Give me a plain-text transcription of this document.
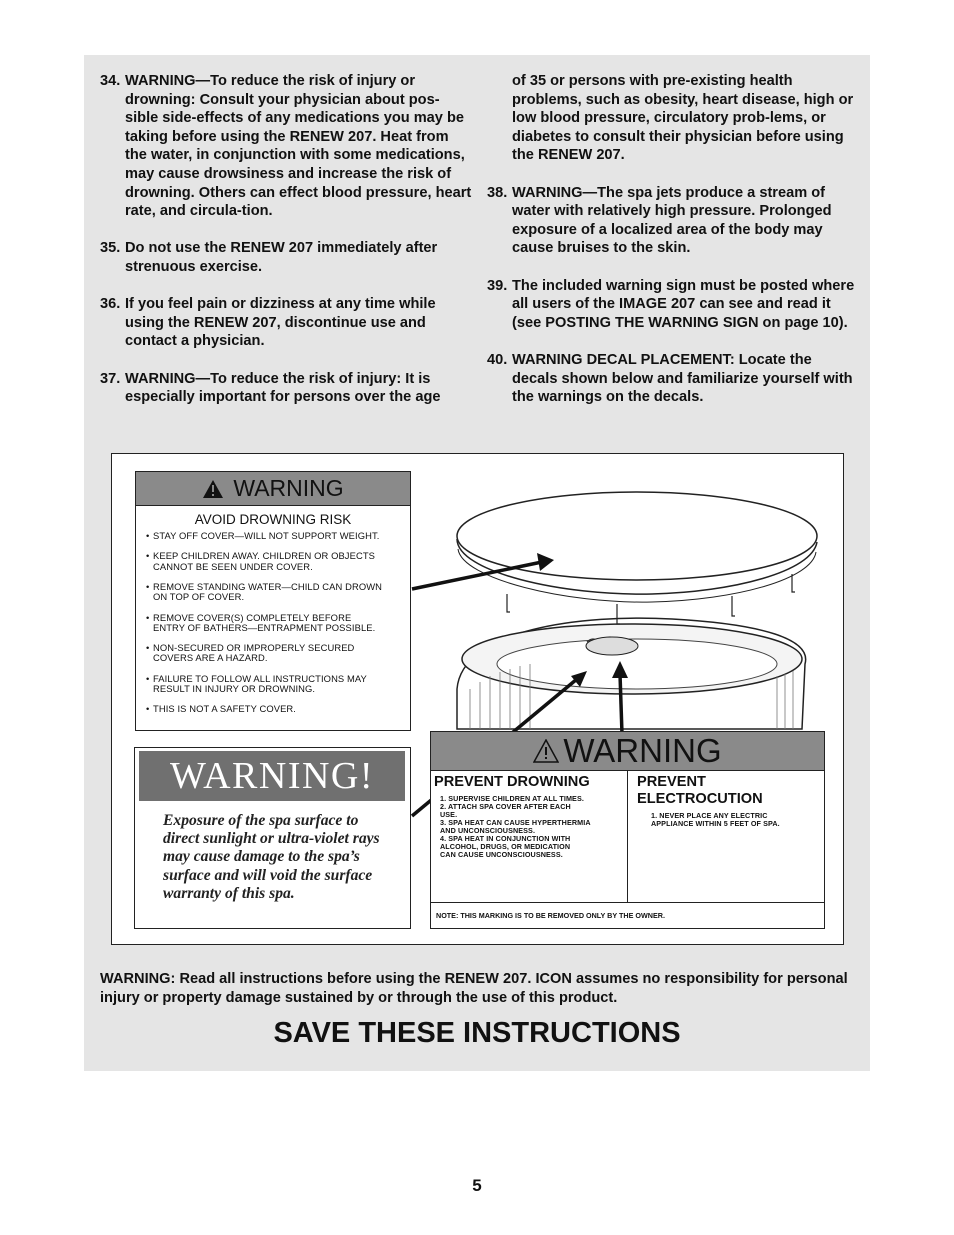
34. WARNING—To reduce the risk of injury or drowning: Consult your physician about pos-sible side-effects of any medications you may be taking before using the RENEW 207. Heat from the water, in conjunction with some medications, may cause drowsiness and increase the risk of drowning. Others can effect blood pressure, heart rate, and circula-tion.
35. Do not use the RENEW 207 immediately after strenuous exercise.
36. If you feel pain or dizziness at any time while using the RENEW 207, discontinue use and contact a physician.
37. WARNING—To reduce the risk of injury: It is especially important for persons over the age
of 35 or persons with pre-existing health problems, such as obesity, heart disease, high or low blood pressure, circulatory prob-lems, or diabetes to consult their physician before using the RENEW 207.
38. WARNING—The spa jets produce a stream of water with relatively high pressure. Prolonged exposure of a localized area of the body may cause bruises to the skin.
39. The included warning sign must be posted where all users of the IMAGE 207 can see and read it (see POSTING THE WARNING SIGN on page 10).
40. WARNING DECAL PLACEMENT: Locate the decals shown below and familiarize yourself with the warnings on the decals.
WARNING
AVOID DROWNING RISK
• STAY OFF COVER—WILL NOT SUPPORT WEIGHT.
• KEEP CHILDREN AWAY. CHILDREN OR OBJECTS
CANNOT BE SEEN UNDER COVER.
• REMOVE STANDING WATER—CHILD CAN DROWN
ON TOP OF COVER.
• REMOVE COVER(S) COMPLETELY BEFORE
ENTRY OF BATHERS—ENTRAPMENT POSSIBLE.
• NON-SECURED OR IMPROPERLY SECURED
COVERS ARE A HAZARD.
• FAILURE TO FOLLOW ALL INSTRUCTIONS MAY
RESULT IN INJURY OR DROWNING.
• THIS IS NOT A SAFETY COVER.
WARNING!
Exposure of the spa surface to direct sunlight or ultra-violet rays may cause damage to the spa’s surface and will void the surface warranty of this spa.
WARNING
PREVENT DROWNING
1. SUPERVISE CHILDREN AT ALL TIMES.
2. ATTACH SPA COVER AFTER EACH
USE.
3. SPA HEAT CAN CAUSE HYPERTHERMIA
AND UNCONSCIOUSNESS.
4. SPA HEAT IN CONJUNCTION WITH
ALCOHOL, DRUGS, OR MEDICATION
CAN CAUSE UNCONSCIOUSNESS.
PREVENT ELECTROCUTION
1. NEVER PLACE ANY ELECTRIC
APPLIANCE WITHIN 5 FEET OF SPA.
NOTE: THIS MARKING IS TO BE REMOVED ONLY BY THE OWNER.
WARNING: Read all instructions before using the RENEW 207. ICON assumes no responsibility for personal injury or property damage sustained by or through the use of this product.
SAVE THESE INSTRUCTIONS
5
